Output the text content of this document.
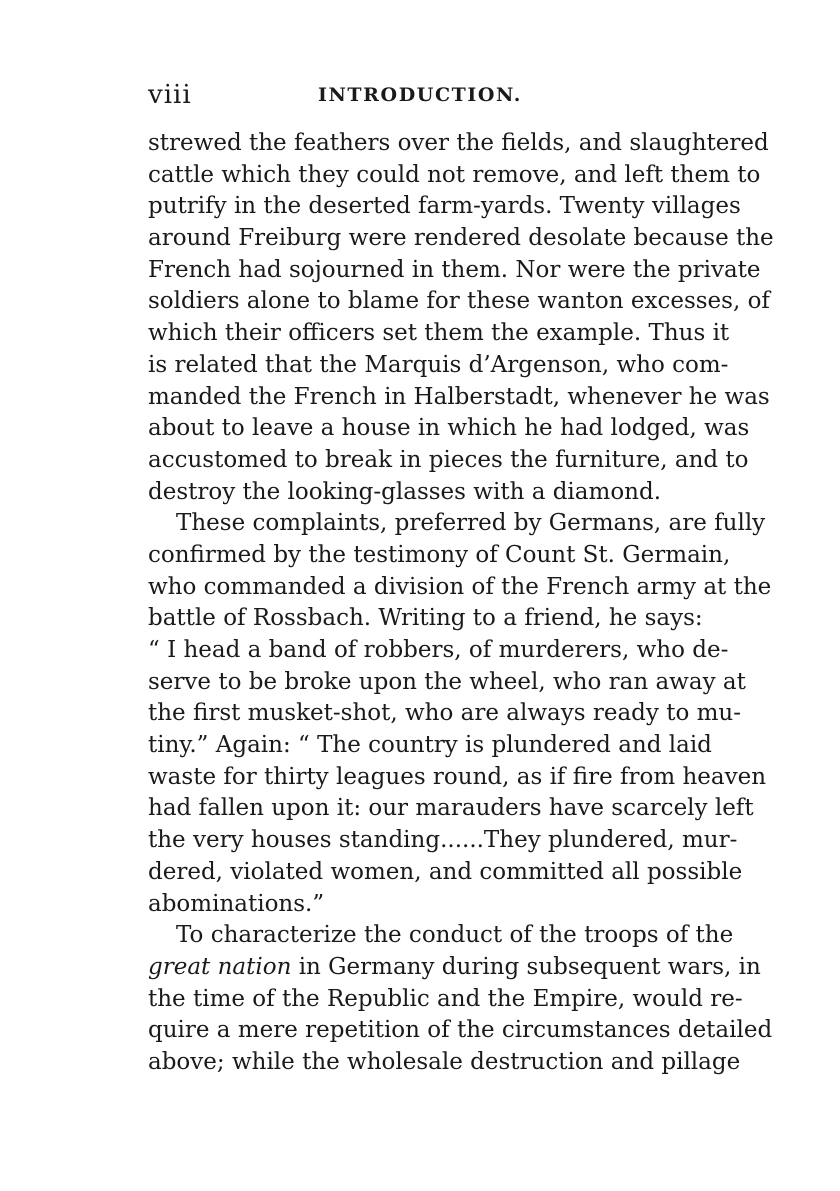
viii	INTRODUCTION.
strewed the feathers over the fields, and slaughtered
cattle which they could not remove, and left them to
putrify in the deserted farm-yards. Twenty villages
around Freiburg were rendered desolate because the
French had sojourned in them. Nor were the private
soldiers alone to blame for these wanton excesses, of
which their officers set them the example. Thus it
is related that the Marquis d’Argenson, who com-
manded the French in Halberstadt, whenever he was
about to leave a house in which he had lodged, was
accustomed to break in pieces the furniture, and to
destroy the looking-glasses with a diamond.
These complaints, preferred by Germans, are fully
confirmed by the testimony of Count St. Germain,
who commanded a division of the French army at the
battle of Rossbach. Writing to a friend, he says:
“ I head a band of robbers, of murderers, who de-
serve to be broke upon the wheel, who ran away at
the first musket-shot, who are always ready to mu-
tiny.” Again: “ The country is plundered and laid
waste for thirty leagues round, as if fire from heaven
had fallen upon it: our marauders have scarcely left
the very houses standing......They plundered, mur-
dered, violated women, and committed all possible
abominations.”
To characterize the conduct of the troops of the
great nation in Germany during subsequent wars, in
the time of the Republic and the Empire, would re-
quire a mere repetition of the circumstances detailed
above; while the wholesale destruction and pillage
